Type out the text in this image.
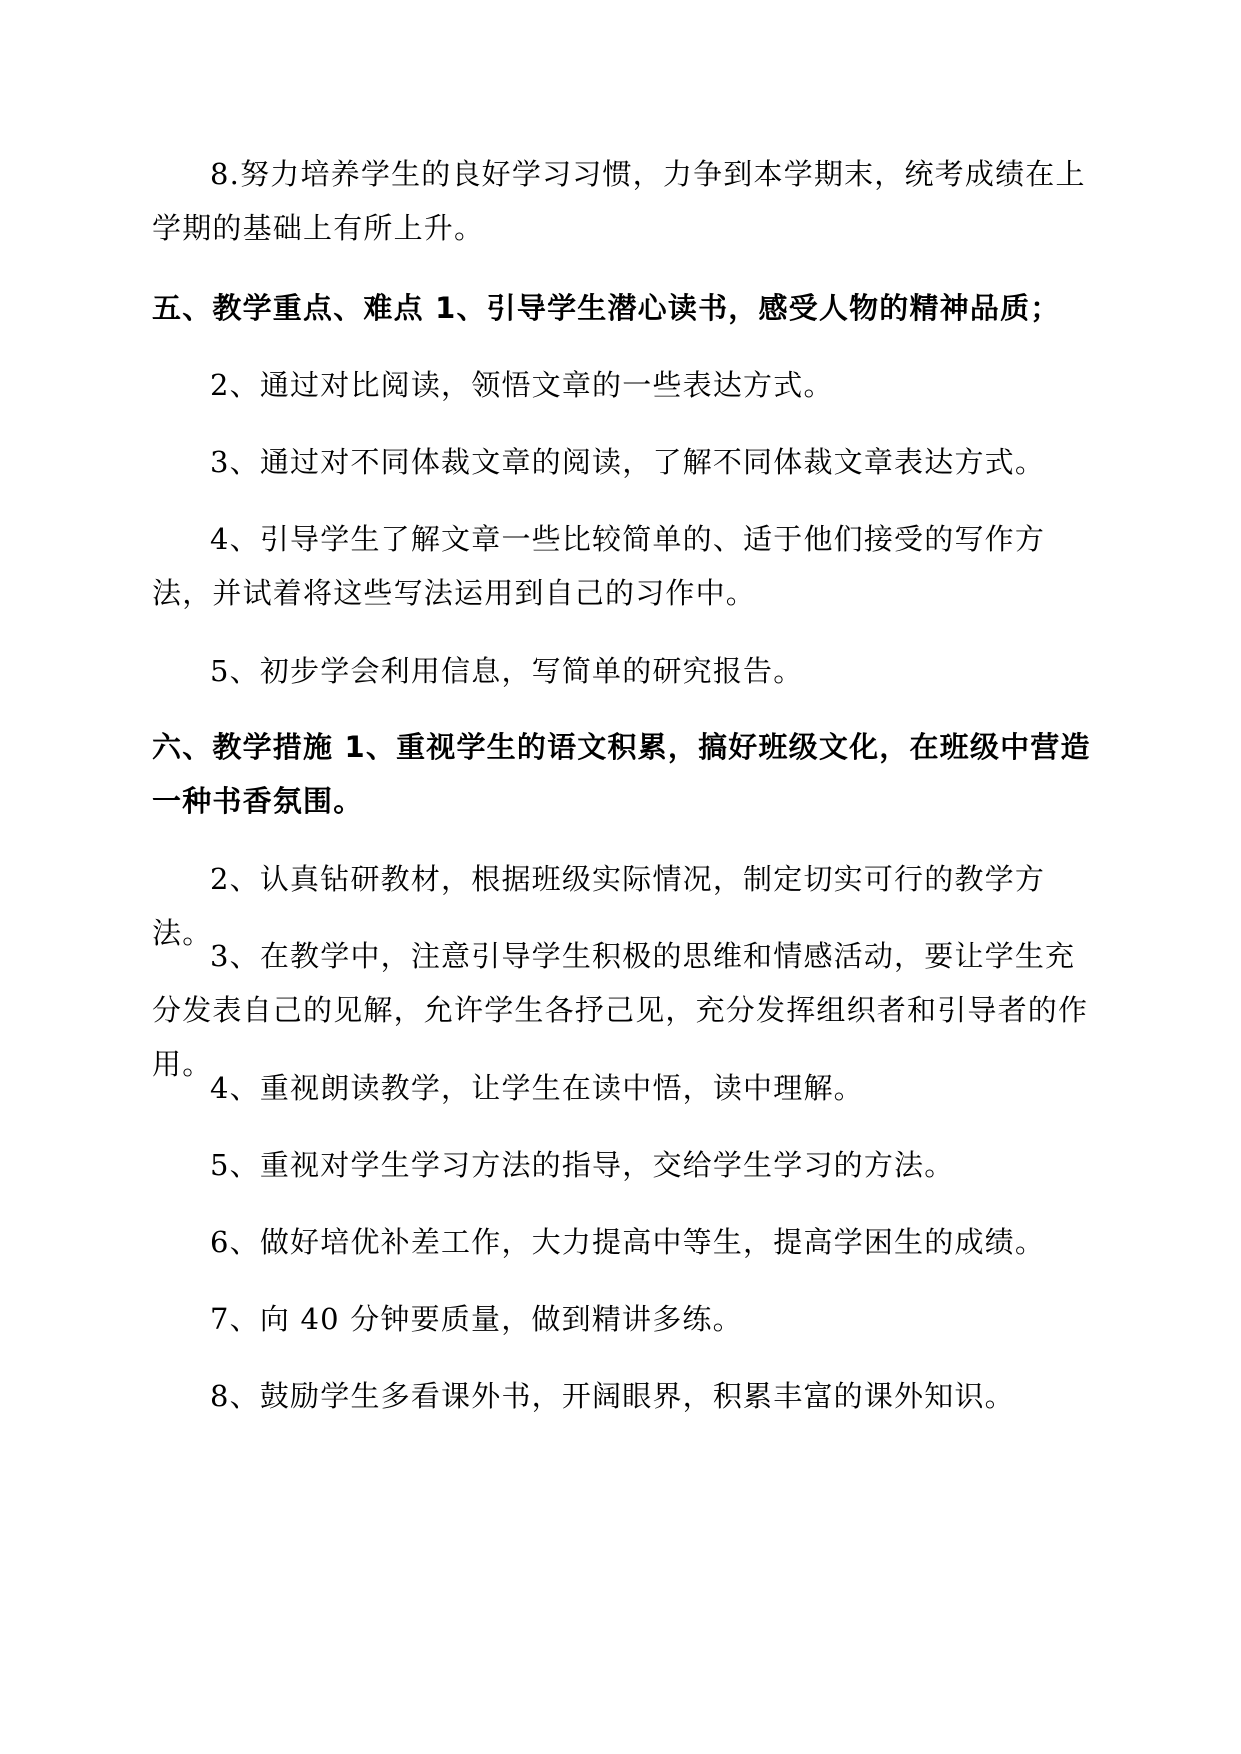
8.努力培养学生的良好学习习惯，力争到本学期末，统考成绩在上学期的基础上有所上升。

五、教学重点、难点 1、引导学生潜心读书，感受人物的精神品质；

2、通过对比阅读，领悟文章的一些表达方式。

3、通过对不同体裁文章的阅读，了解不同体裁文章表达方式。

4、引导学生了解文章一些比较简单的、适于他们接受的写作方法，并试着将这些写法运用到自己的习作中。

5、初步学会利用信息，写简单的研究报告。

六、教学措施 1、重视学生的语文积累，搞好班级文化，在班级中营造一种书香氛围。

2、认真钻研教材，根据班级实际情况，制定切实可行的教学方法。

3、在教学中，注意引导学生积极的思维和情感活动，要让学生充分发表自己的见解，允许学生各抒己见，充分发挥组织者和引导者的作用。

4、重视朗读教学，让学生在读中悟，读中理解。

5、重视对学生学习方法的指导，交给学生学习的方法。

6、做好培优补差工作，大力提高中等生，提高学困生的成绩。

7、向 40 分钟要质量，做到精讲多练。

8、鼓励学生多看课外书，开阔眼界，积累丰富的课外知识。
